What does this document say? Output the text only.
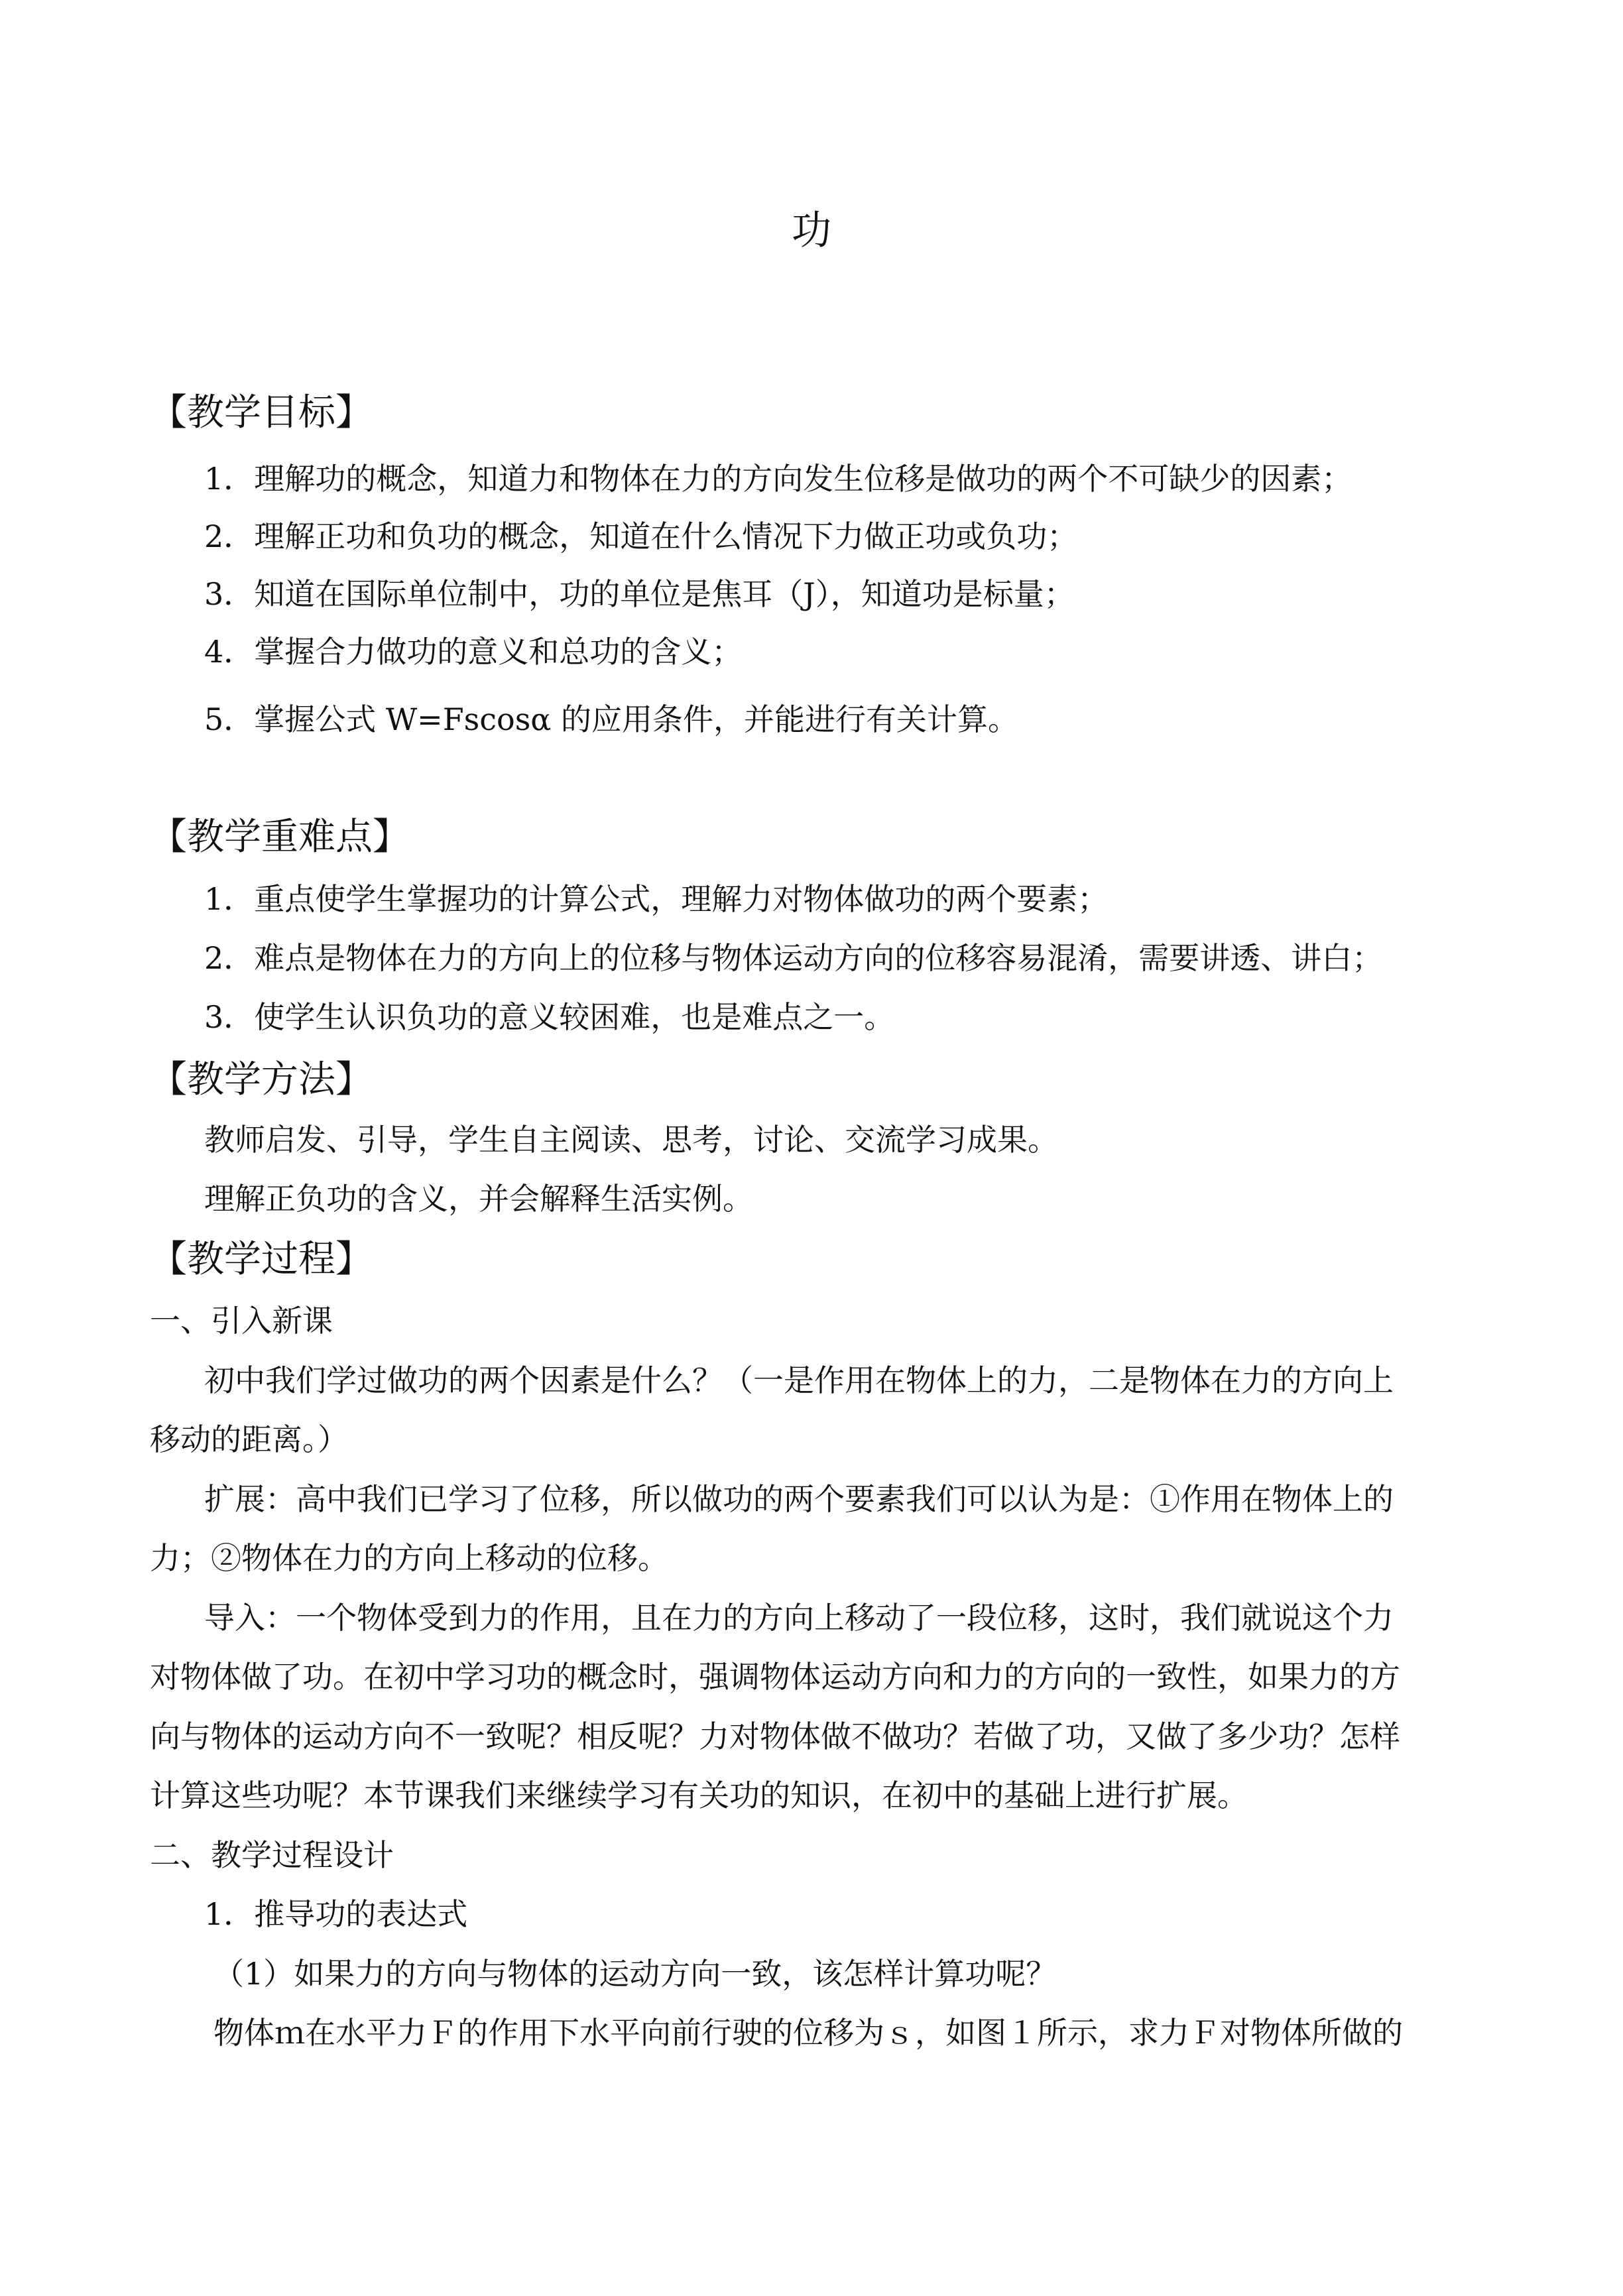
功
【教学目标】
1．理解功的概念，知道力和物体在力的方向发生位移是做功的两个不可缺少的因素；
2．理解正功和负功的概念，知道在什么情况下力做正功或负功；
3．知道在国际单位制中，功的单位是焦耳（J），知道功是标量；
4．掌握合力做功的意义和总功的含义；
5．掌握公式 W=Fscosα 的应用条件，并能进行有关计算。
【教学重难点】
1．重点使学生掌握功的计算公式，理解力对物体做功的两个要素；
2．难点是物体在力的方向上的位移与物体运动方向的位移容易混淆，需要讲透、讲白；
3．使学生认识负功的意义较困难，也是难点之一。
【教学方法】
教师启发、引导，学生自主阅读、思考，讨论、交流学习成果。
理解正负功的含义，并会解释生活实例。
【教学过程】
一、引入新课
初中我们学过做功的两个因素是什么？（一是作用在物体上的力，二是物体在力的方向上
移动的距离。）
扩展：高中我们已学习了位移，所以做功的两个要素我们可以认为是：①作用在物体上的
力；②物体在力的方向上移动的位移。
导入：一个物体受到力的作用，且在力的方向上移动了一段位移，这时，我们就说这个力
对物体做了功。在初中学习功的概念时，强调物体运动方向和力的方向的一致性，如果力的方
向与物体的运动方向不一致呢？相反呢？力对物体做不做功？若做了功，又做了多少功？怎样
计算这些功呢？本节课我们来继续学习有关功的知识，在初中的基础上进行扩展。
二、教学过程设计
1．推导功的表达式
（1）如果力的方向与物体的运动方向一致，该怎样计算功呢？
物体ｍ在水平力Ｆ的作用下水平向前行驶的位移为ｓ，如图１所示，求力Ｆ对物体所做的
